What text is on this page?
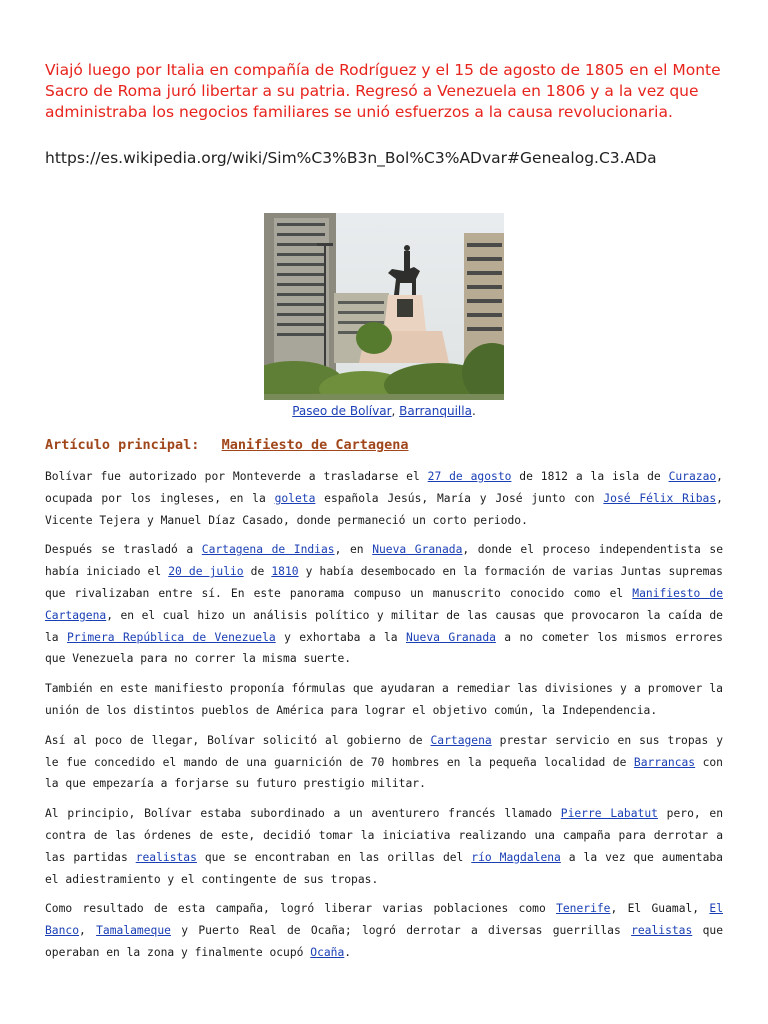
Viajó luego por Italia en compañía de Rodríguez y el 15 de agosto de 1805 en el Monte Sacro de Roma juró libertar a su patria. Regresó a Venezuela en 1806 y a la vez que administraba los negocios familiares se unió esfuerzos a la causa revolucionaria.
https://es.wikipedia.org/wiki/Sim%C3%B3n_Bol%C3%ADvar#Genealog.C3.ADa
Paseo de Bolívar, Barranquilla.
Artículo principal: Manifiesto de Cartagena

Bolívar fue autorizado por Monteverde a trasladarse el 27 de agosto de 1812 a la isla de Curazao, ocupada por los ingleses, en la goleta española Jesús, María y José junto con José Félix Ribas, Vicente Tejera y Manuel Díaz Casado, donde permaneció un corto periodo.

Después se trasladó a Cartagena de Indias, en Nueva Granada, donde el proceso independentista se había iniciado el 20 de julio de 1810 y había desembocado en la formación de varias Juntas supremas que rivalizaban entre sí. En este panorama compuso un manuscrito conocido como el Manifiesto de Cartagena, en el cual hizo un análisis político y militar de las causas que provocaron la caída de la Primera República de Venezuela y exhortaba a la Nueva Granada a no cometer los mismos errores que Venezuela para no correr la misma suerte.

También en este manifiesto proponía fórmulas que ayudaran a remediar las divisiones y a promover la unión de los distintos pueblos de América para lograr el objetivo común, la Independencia.

Así al poco de llegar, Bolívar solicitó al gobierno de Cartagena prestar servicio en sus tropas y le fue concedido el mando de una guarnición de 70 hombres en la pequeña localidad de Barrancas con la que empezaría a forjarse su futuro prestigio militar.

Al principio, Bolívar estaba subordinado a un aventurero francés llamado Pierre Labatut pero, en contra de las órdenes de este, decidió tomar la iniciativa realizando una campaña para derrotar a las partidas realistas que se encontraban en las orillas del río Magdalena a la vez que aumentaba el adiestramiento y el contingente de sus tropas.

Como resultado de esta campaña, logró liberar varias poblaciones como Tenerife, El Guamal, El Banco, Tamalameque y Puerto Real de Ocaña; logró derrotar a diversas guerrillas realistas que operaban en la zona y finalmente ocupó Ocaña.
